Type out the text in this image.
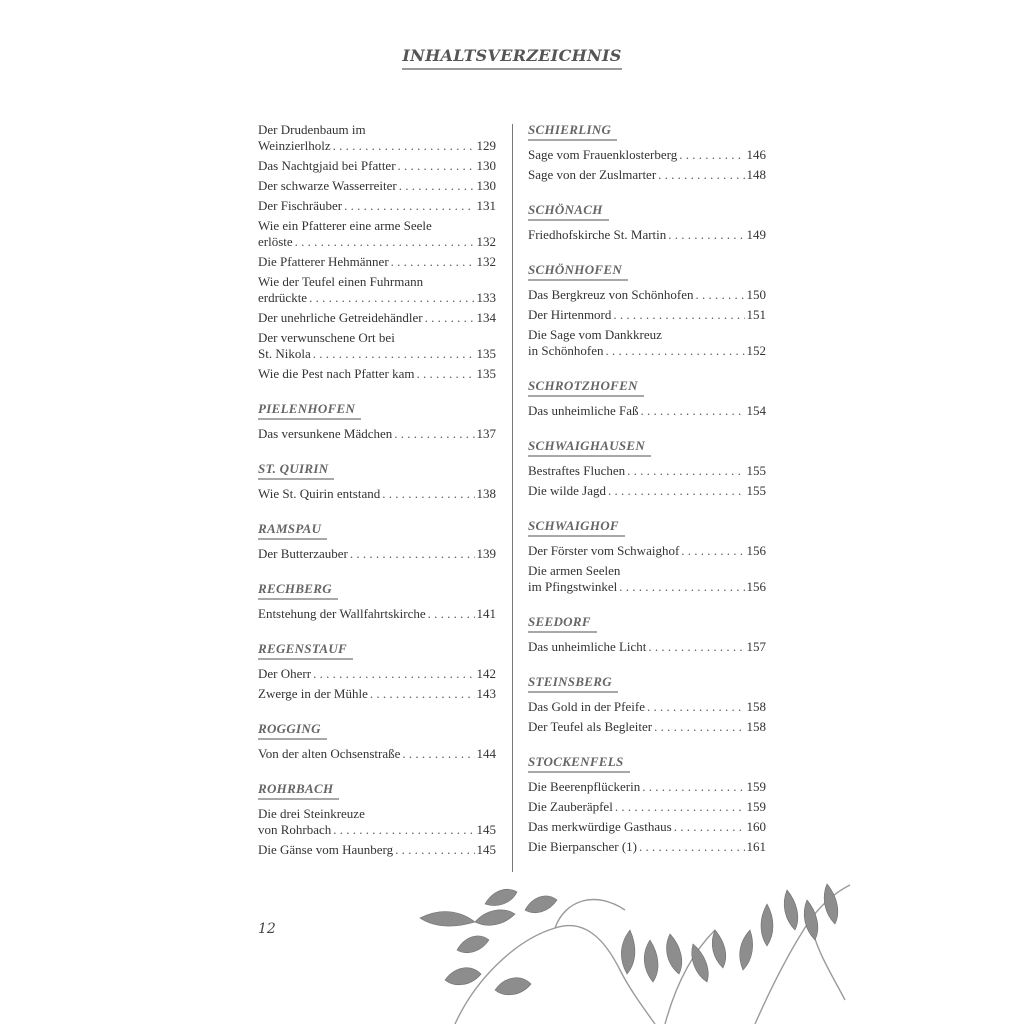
INHALTSVERZEICHNIS
Der Drudenbaum im
Weinzierlholz . . .	129
Das Nachtgjaid bei Pfatter . . .	130
Der schwarze Wasserreiter . . .	130
Der Fischräuber . . .	131
Wie ein Pfatterer eine arme Seele
erlöste . . .	132
Die Pfatterer Hehmänner . . .	132
Wie der Teufel einen Fuhrmann
erdrückte . . .	133
Der unehrliche Getreidehändler . . .	134
Der verwunschene Ort bei
St. Nikola . . .	135
Wie die Pest nach Pfatter kam . . .	135
PIELENHOFEN
Das versunkene Mädchen . . .	137
ST. QUIRIN
Wie St. Quirin entstand . . .	138
RAMSPAU
Der Butterzauber . . .	139
RECHBERG
Entstehung der Wallfahrtskirche . . .	141
REGENSTAUF
Der Oherr . . .	142
Zwerge in der Mühle . . .	143
ROGGING
Von der alten Ochsenstraße . . .	144
ROHRBACH
Die drei Steinkreuze
von Rohrbach . . .	145
Die Gänse vom Haunberg . . .	145
SCHIERLING
Sage vom Frauenklosterberg . . .	146
Sage von der Zuslmarter . . .	148
SCHÖNACH
Friedhofskirche St. Martin . . .	149
SCHÖNHOFEN
Das Bergkreuz von Schönhofen . . .	150
Der Hirtenmord . . .	151
Die Sage vom Dankkreuz
in Schönhofen . . .	152
SCHROTZHOFEN
Das unheimliche Faß . . .	154
SCHWAIGHAUSEN
Bestraftes Fluchen . . .	155
Die wilde Jagd . . .	155
SCHWAIGHOF
Der Förster vom Schwaighof . . .	156
Die armen Seelen
im Pfingstwinkel . . .	156
SEEDORF
Das unheimliche Licht . . .	157
STEINSBERG
Das Gold in der Pfeife . . .	158
Der Teufel als Begleiter . . .	158
STOCKENFELS
Die Beerenpflückerin . . .	159
Die Zauberäpfel . . .	159
Das merkwürdige Gasthaus . . .	160
Die Bierpanscher (1) . . .	161
12
